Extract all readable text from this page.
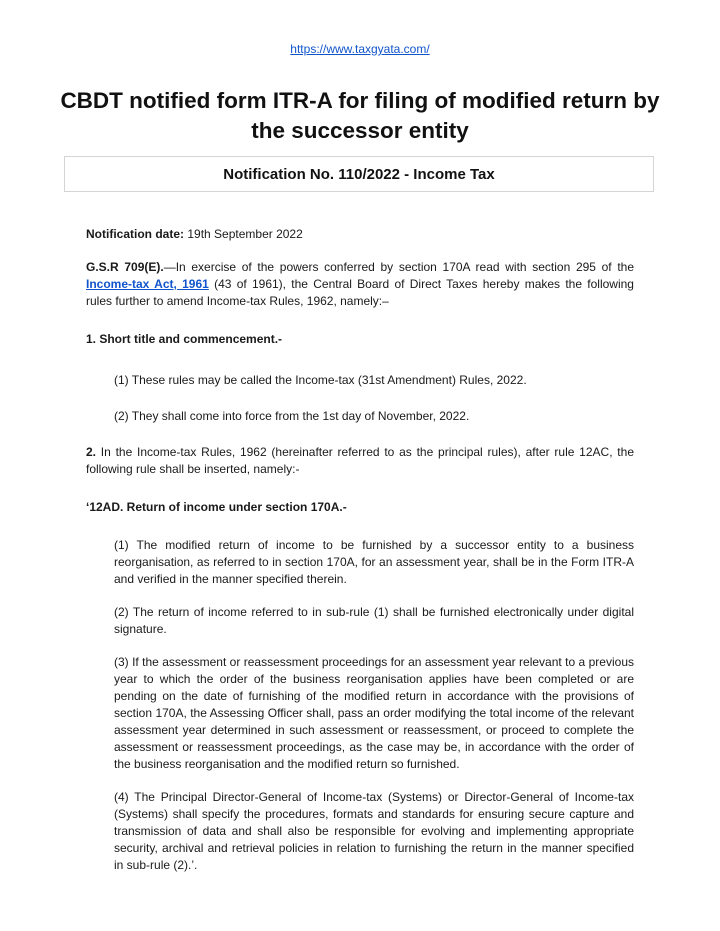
https://www.taxgyata.com/
CBDT notified form ITR-A for filing of modified return by the successor entity
Notification No. 110/2022 - Income Tax

Notification date: 19th September 2022

G.S.R 709(E).—In exercise of the powers conferred by section 170A read with section 295 of the Income-tax Act, 1961 (43 of 1961), the Central Board of Direct Taxes hereby makes the following rules further to amend Income-tax Rules, 1962, namely:–

1. Short title and commencement.-

(1) These rules may be called the Income-tax (31st Amendment) Rules, 2022.

(2) They shall come into force from the 1st day of November, 2022.

2. In the Income-tax Rules, 1962 (hereinafter referred to as the principal rules), after rule 12AC, the following rule shall be inserted, namely:-

‘12AD. Return of income under section 170A.-

(1) The modified return of income to be furnished by a successor entity to a business reorganisation, as referred to in section 170A, for an assessment year, shall be in the Form ITR-A and verified in the manner specified therein.

(2) The return of income referred to in sub-rule (1) shall be furnished electronically under digital signature.

(3) If the assessment or reassessment proceedings for an assessment year relevant to a previous year to which the order of the business reorganisation applies have been completed or are pending on the date of furnishing of the modified return in accordance with the provisions of section 170A, the Assessing Officer shall, pass an order modifying the total income of the relevant assessment year determined in such assessment or reassessment, or proceed to complete the assessment or reassessment proceedings, as the case may be, in accordance with the order of the business reorganisation and the modified return so furnished.

(4) The Principal Director-General of Income-tax (Systems) or Director-General of Income-tax (Systems) shall specify the procedures, formats and standards for ensuring secure capture and transmission of data and shall also be responsible for evolving and implementing appropriate security, archival and retrieval policies in relation to furnishing the return in the manner specified in sub-rule (2).’.
